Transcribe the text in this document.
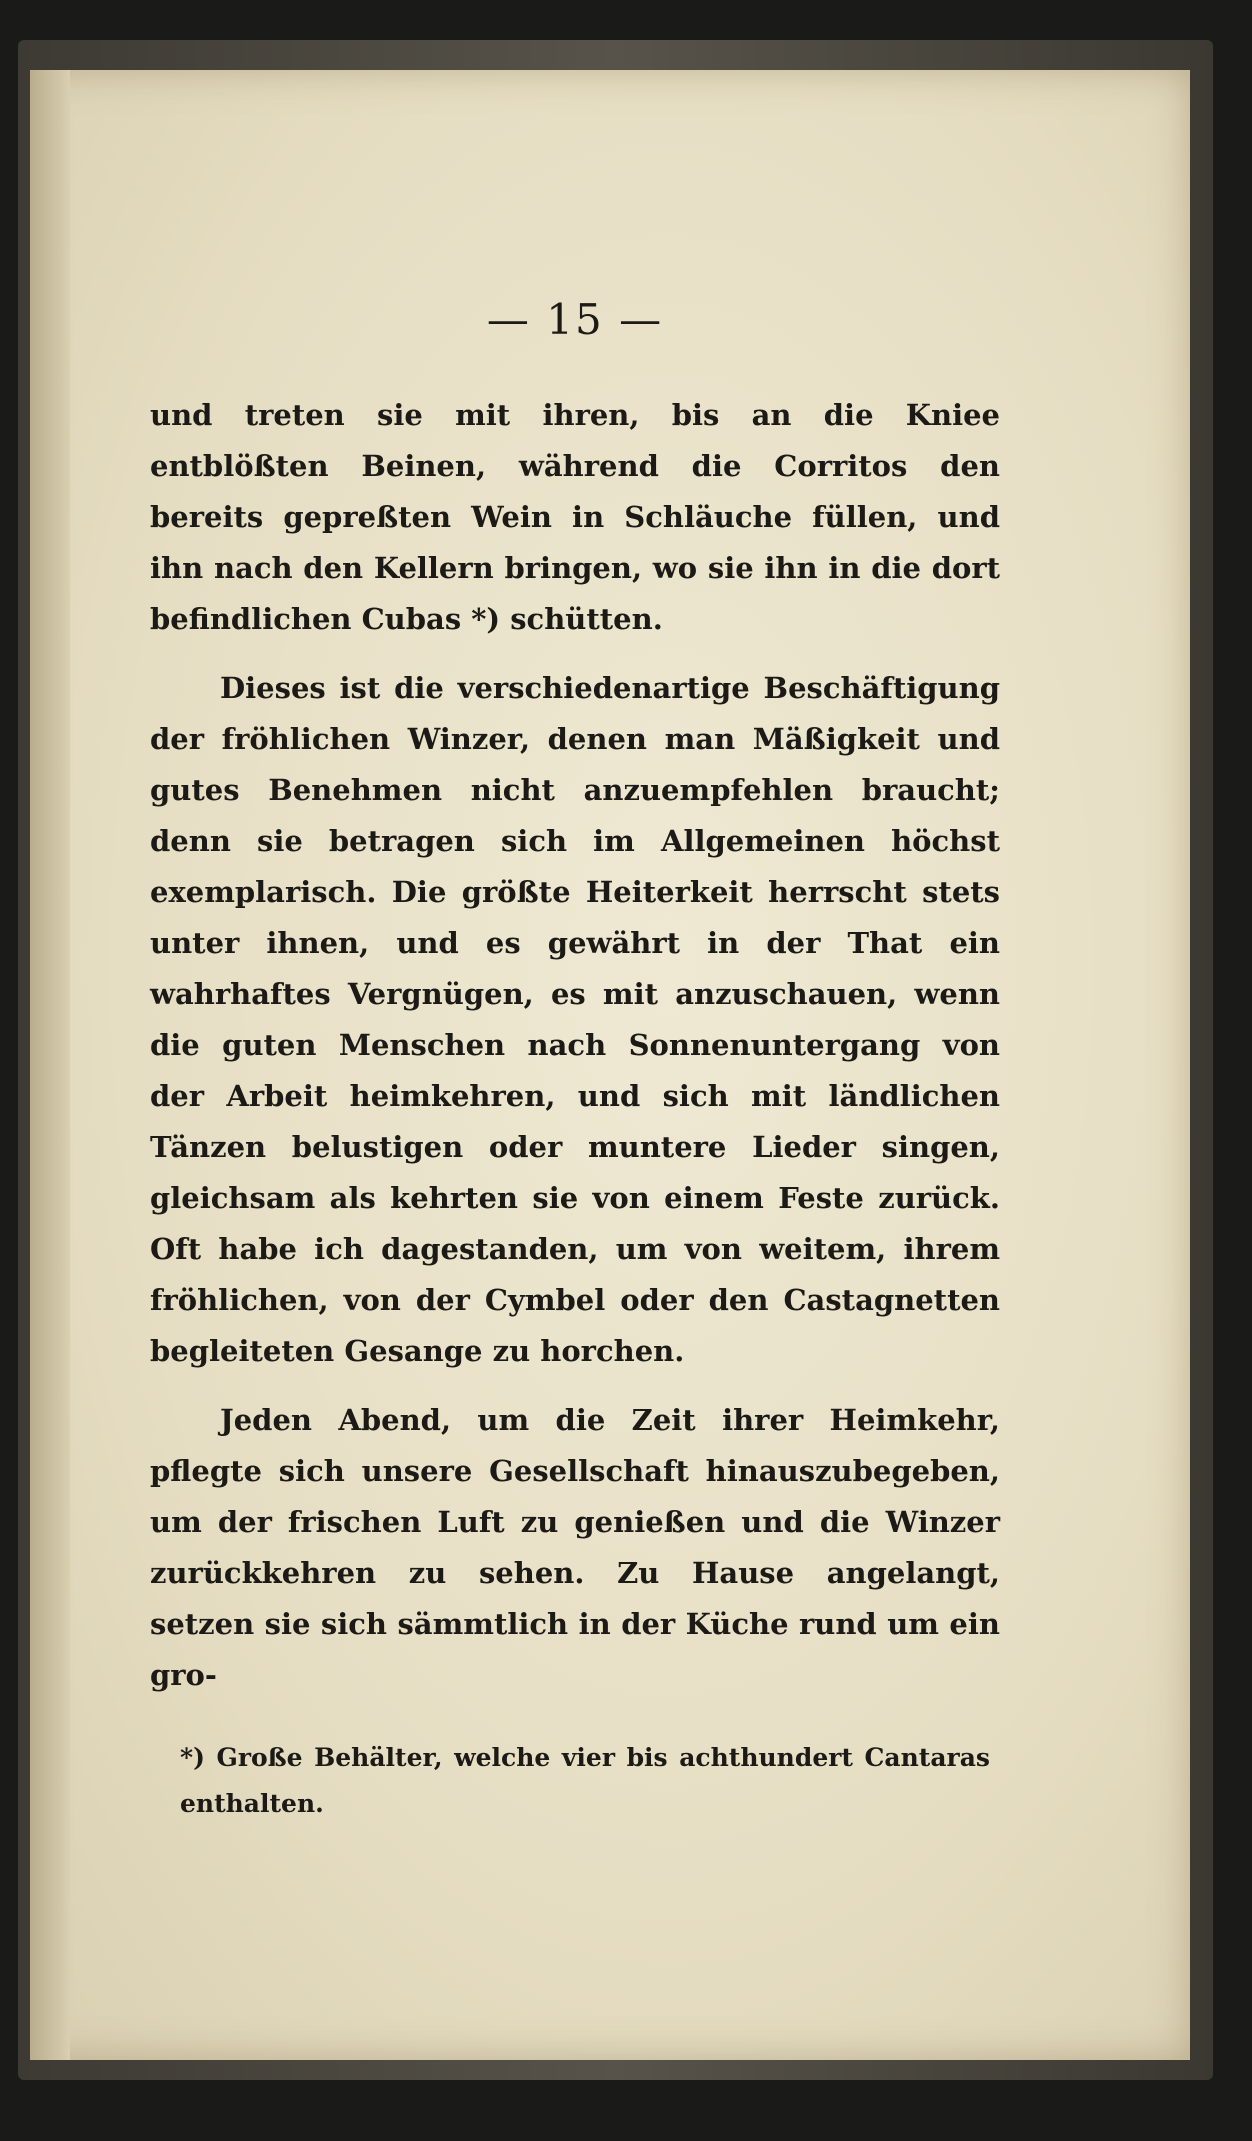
— 15 —

und treten sie mit ihren, bis an die Kniee entblößten Beinen, während die Corritos den bereits gepreßten Wein in Schläuche füllen, und ihn nach den Kellern bringen, wo sie ihn in die dort befindlichen Cubas *) schütten.

Dieses ist die verschiedenartige Beschäftigung der fröhlichen Winzer, denen man Mäßigkeit und gutes Benehmen nicht anzuempfehlen braucht; denn sie betragen sich im Allgemeinen höchst exemplarisch. Die größte Heiterkeit herrscht stets unter ihnen, und es gewährt in der That ein wahrhaftes Vergnügen, es mit anzuschauen, wenn die guten Menschen nach Sonnenuntergang von der Arbeit heimkehren, und sich mit ländlichen Tänzen belustigen oder muntere Lieder singen, gleichsam als kehrten sie von einem Feste zurück. Oft habe ich dagestanden, um von weitem, ihrem fröhlichen, von der Cymbel oder den Castagnetten begleiteten Gesange zu horchen.

Jeden Abend, um die Zeit ihrer Heimkehr, pflegte sich unsere Gesellschaft hinauszubegeben, um der frischen Luft zu genießen und die Winzer zurückkehren zu sehen. Zu Hause angelangt, setzen sie sich sämmtlich in der Küche rund um ein gro-

*) Große Behälter, welche vier bis achthundert Cantaras enthalten.
